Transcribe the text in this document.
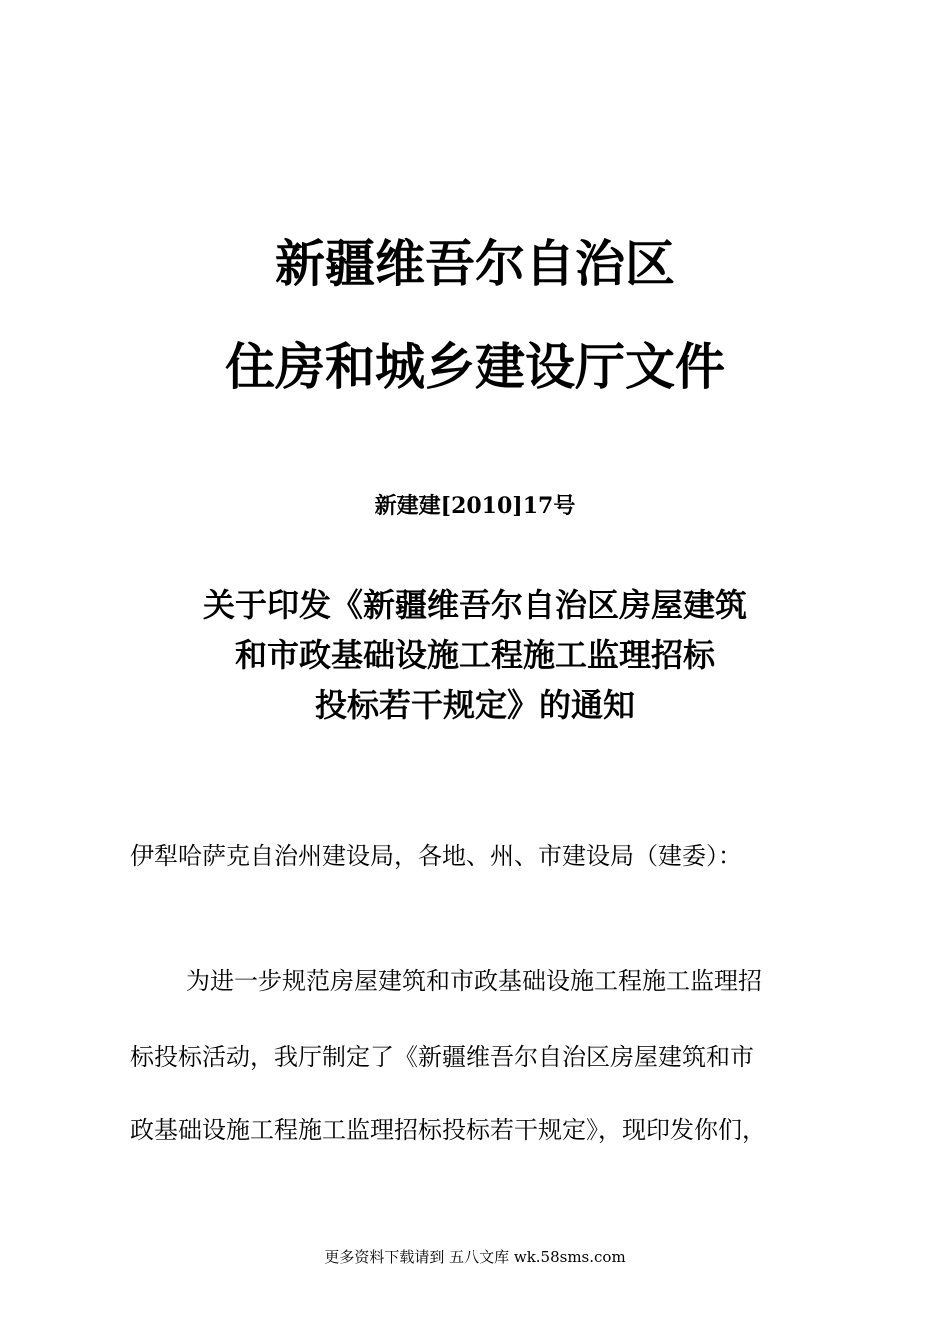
新疆维吾尔自治区
住房和城乡建设厅文件
新建建[2010]17号
关于印发《新疆维吾尔自治区房屋建筑
和市政基础设施工程施工监理招标
投标若干规定》的通知
伊犁哈萨克自治州建设局，各地、州、市建设局（建委）：
为进一步规范房屋建筑和市政基础设施工程施工监理招
标投标活动，我厅制定了《新疆维吾尔自治区房屋建筑和市
政基础设施工程施工监理招标投标若干规定》，现印发你们，
更多资料下载请到 五八文库 wk.58sms.com
